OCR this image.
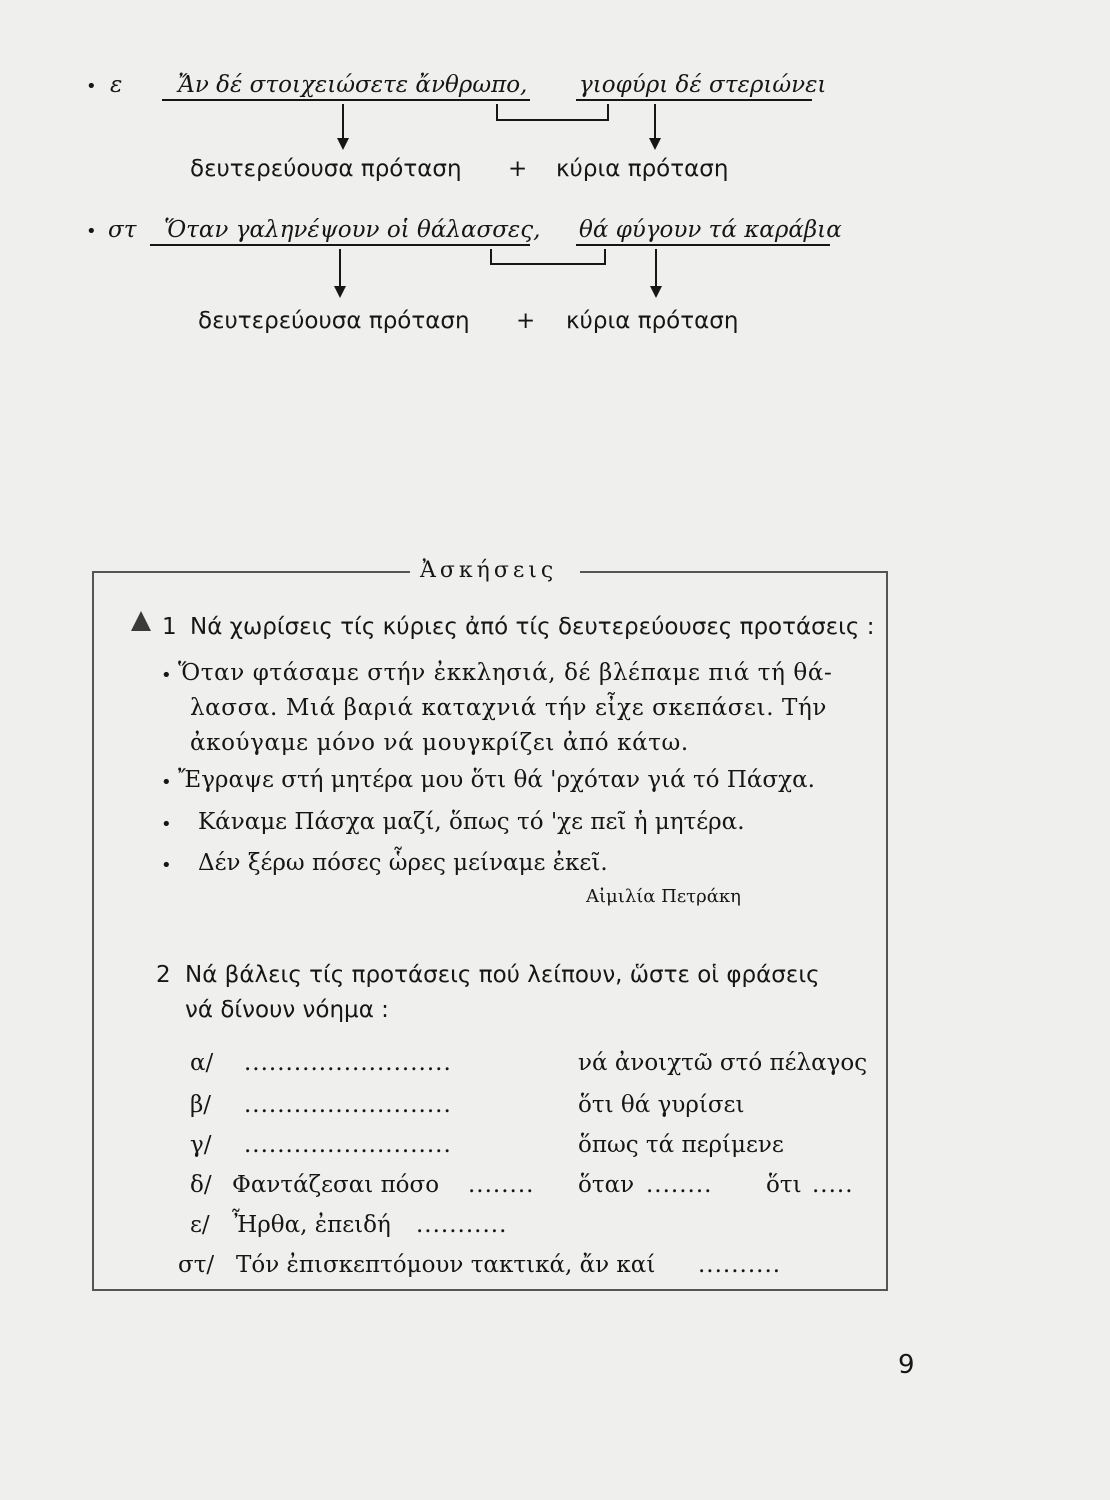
• ε Ἄν δέ στοιχειώσετε ἄνθρωπο, γιοφύρι δέ στεριώνει
δευτερεύουσα πρόταση + κύρια πρόταση
• στ Ὅταν γαληνέψουν οἱ θάλασσες, θά φύγουν τά καράβια
δευτερεύουσα πρόταση + κύρια πρόταση
Ἀσκήσεις
1 Νά χωρίσεις τίς κύριες ἀπό τίς δευτερεύουσες προτάσεις :
• Ὅταν φτάσαμε στήν ἐκκλησιά, δέ βλέπαμε πιά τή θά-
λασσα. Μιά βαριά καταχνιά τήν εἶχε σκεπάσει. Τήν
ἀκούγαμε μόνο νά μουγκρίζει ἀπό κάτω.
• Ἔγραψε στή μητέρα μου ὅτι θά 'ρχόταν γιά τό Πάσχα.
• Κάναμε Πάσχα μαζί, ὅπως τό 'χε πεῖ ἡ μητέρα.
• Δέν ξέρω πόσες ὧρες μείναμε ἐκεῖ.
Αἰμιλία Πετράκη
2 Νά βάλεις τίς προτάσεις πού λείπουν, ὥστε οἱ φράσεις
νά δίνουν νόημα :
α/ .........................	νά ἀνοιχτῶ στό πέλαγος
β/ .........................	ὅτι θά γυρίσει
γ/ .........................	ὅπως τά περίμενε
δ/ Φαντάζεσαι πόσο ........ ὅταν ........ ὅτι .....
ε/ Ἦρθα, ἐπειδή ...........
στ/ Τόν ἐπισκεπτόμουν τακτικά, ἄν καί ..........
9
